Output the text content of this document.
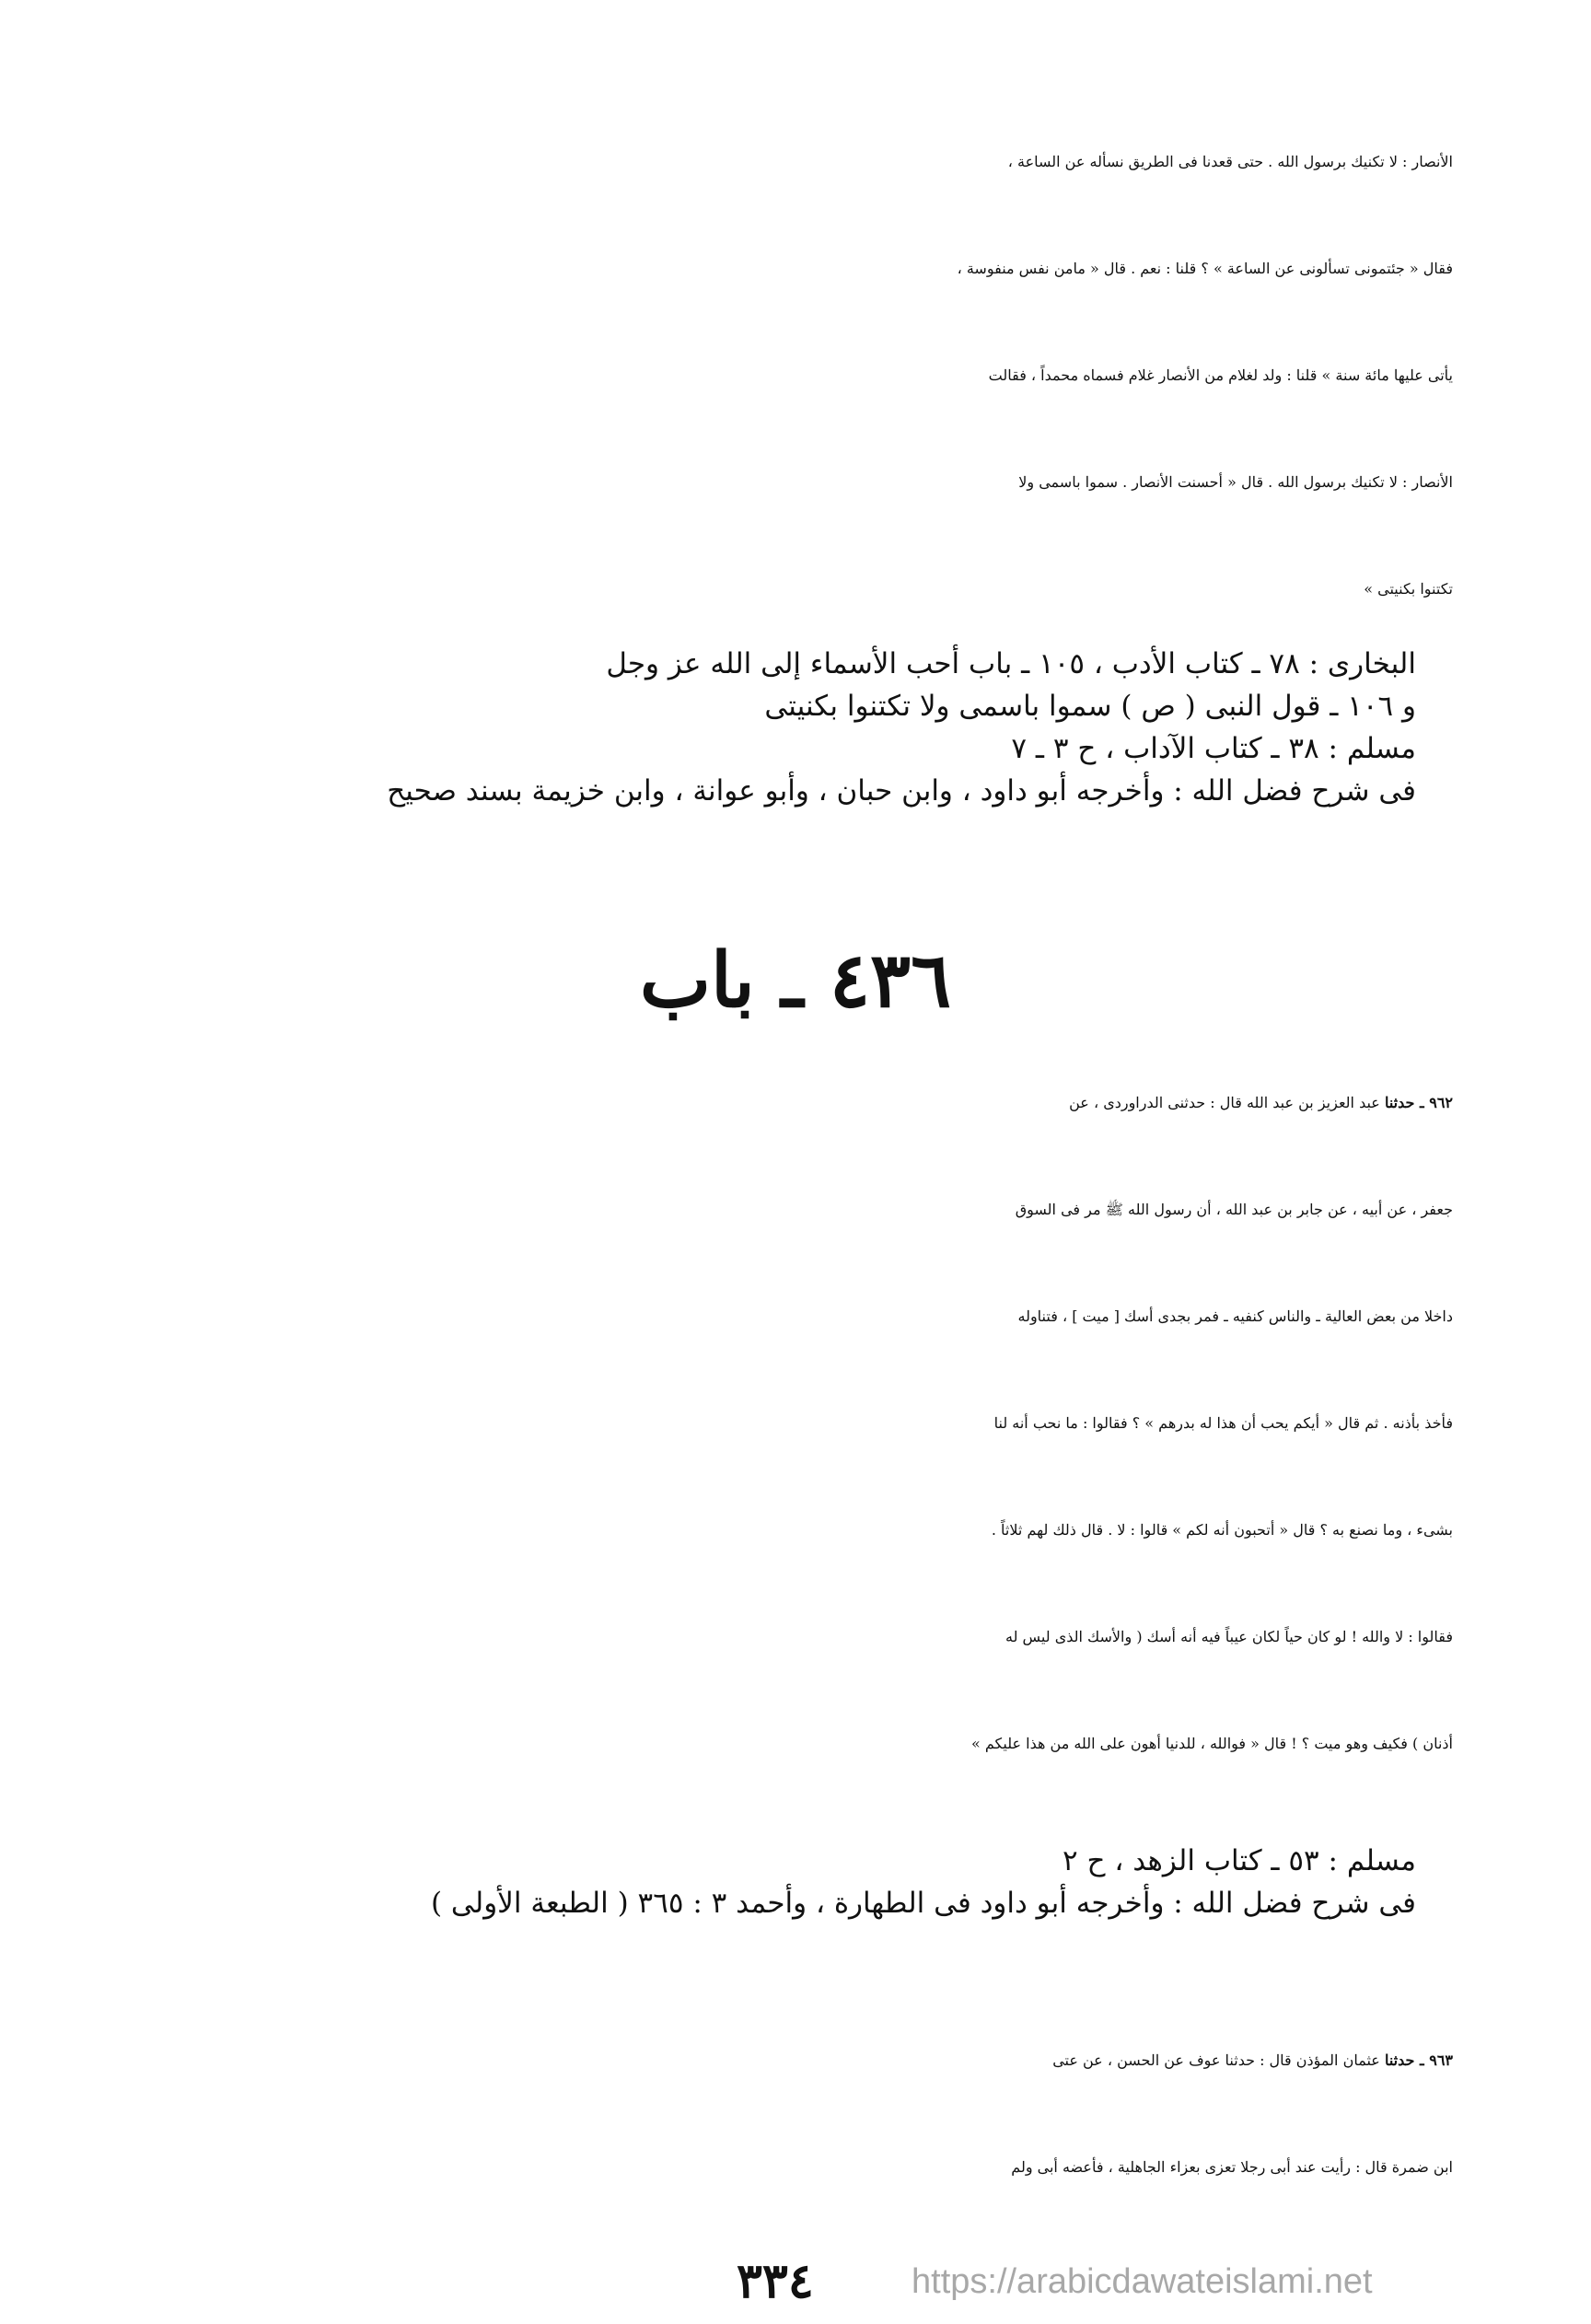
الأنصار : لا تكنيك برسول الله . حتى قعدنا فى الطريق نسأله عن الساعة ،
فقال « جئتمونى تسألونى عن الساعة » ؟ قلنا : نعم . قال « مامن نفس منفوسة ،
يأتى عليها مائة سنة » قلنا : ولد لغلام من الأنصار غلام فسماه محمداً ، فقالت
الأنصار : لا تكنيك برسول الله . قال « أحسنت الأنصار . سموا باسمى ولا
تكتنوا بكنيتى »
البخارى : ٧٨ ـ كتاب الأدب ، ١٠٥ ـ باب أحب الأسماء إلى الله عز وجل
و ١٠٦ ـ قول النبى ( ص ) سموا باسمى ولا تكتنوا بكنيتى
مسلم : ٣٨ ـ كتاب الآداب ، ح ٣ ـ ٧
فى شرح فضل الله : وأخرجه أبو داود ، وابن حبان ، وأبو عوانة ، وابن خزيمة بسند صحيح
٤٣٦ ـ باب
٩٦٢ ـ حدثنا عبد العزيز بن عبد الله قال : حدثنى الدراوردى ، عن
جعفر ، عن أبيه ، عن جابر بن عبد الله ، أن رسول الله ﷺ مر فى السوق
داخلا من بعض العالية ـ والناس كنفيه ـ فمر بجدى أسك [ ميت ] ، فتناوله
فأخذ بأذنه . ثم قال « أيكم يحب أن هذا له بدرهم » ؟ فقالوا : ما نحب أنه لنا
بشىء ، وما نصنع به ؟ قال « أتحبون أنه لكم » قالوا : لا . قال ذلك لهم ثلاثاً .
فقالوا : لا والله ! لو كان حياً لكان عيباً فيه أنه أسك ( والأسك الذى ليس له
أذنان ) فكيف وهو ميت ؟ ! قال « فوالله ، للدنيا أهون على الله من هذا عليكم »
مسلم : ٥٣ ـ كتاب الزهد ، ح ٢
فى شرح فضل الله : وأخرجه أبو داود فى الطهارة ، وأحمد ٣ : ٣٦٥ ( الطبعة الأولى )
٩٦٣ ـ حدثنا عثمان المؤذن قال : حدثنا عوف عن الحسن ، عن عتى
ابن ضمرة قال : رأيت عند أبى رجلا تعزى بعزاء الجاهلية ، فأعضه أبى ولم
٣٣٤	https://arabicdawateislami.net
